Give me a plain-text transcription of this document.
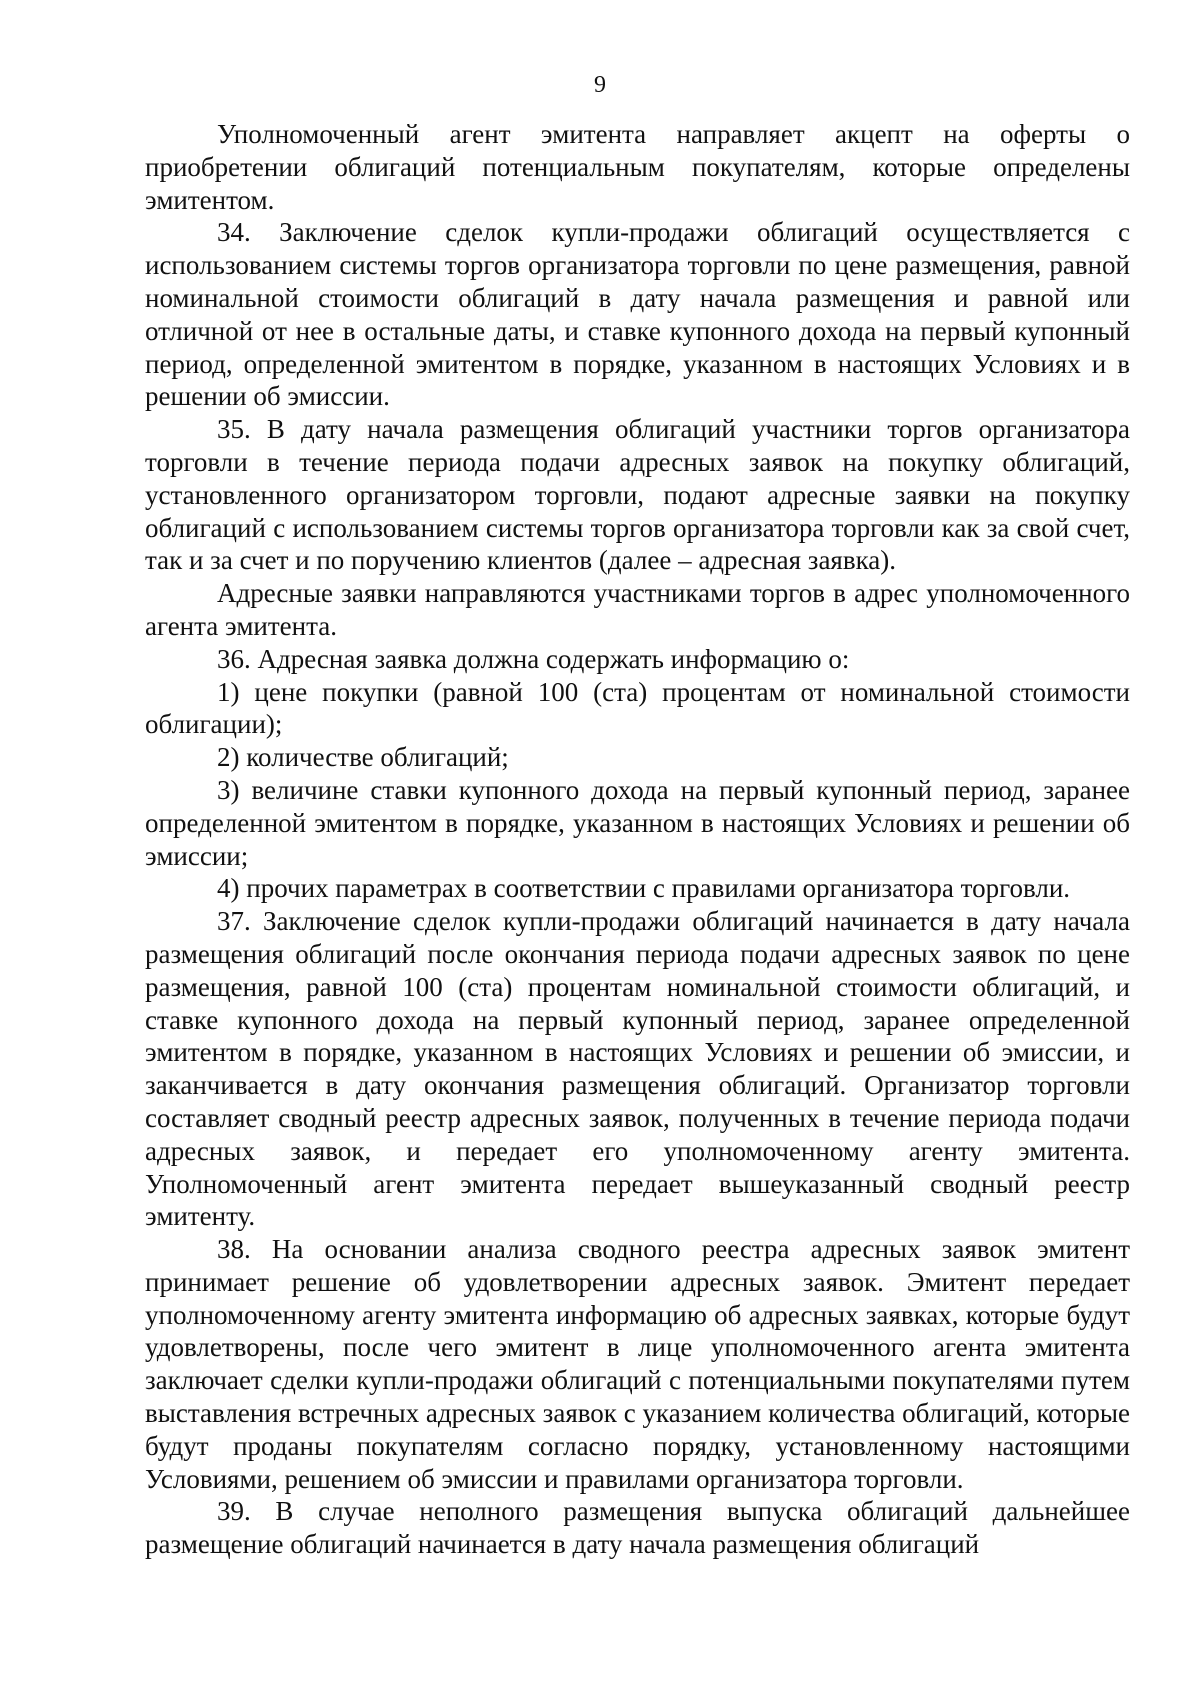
9

Уполномоченный агент эмитента направляет акцепт на оферты о приобретении облигаций потенциальным покупателям, которые определены эмитентом.

34. Заключение сделок купли-продажи облигаций осуществляется с использованием системы торгов организатора торговли по цене размещения, равной номинальной стоимости облигаций в дату начала размещения и равной или отличной от нее в остальные даты, и ставке купонного дохода на первый купонный период, определенной эмитентом в порядке, указанном в настоящих Условиях и в решении об эмиссии.

35. В дату начала размещения облигаций участники торгов организатора торговли в течение периода подачи адресных заявок на покупку облигаций, установленного организатором торговли, подают адресные заявки на покупку облигаций с использованием системы торгов организатора торговли как за свой счет, так и за счет и по поручению клиентов (далее – адресная заявка).

Адресные заявки направляются участниками торгов в адрес уполномоченного агента эмитента.

36. Адресная заявка должна содержать информацию о:

1) цене покупки (равной 100 (ста) процентам от номинальной стоимости облигации);

2) количестве облигаций;

3) величине ставки купонного дохода на первый купонный период, заранее определенной эмитентом в порядке, указанном в настоящих Условиях и решении об эмиссии;

4) прочих параметрах в соответствии с правилами организатора торговли.

37. Заключение сделок купли-продажи облигаций начинается в дату начала размещения облигаций после окончания периода подачи адресных заявок по цене размещения, равной 100 (ста) процентам номинальной стоимости облигаций, и ставке купонного дохода на первый купонный период, заранее определенной эмитентом в порядке, указанном в настоящих Условиях и решении об эмиссии, и заканчивается в дату окончания размещения облигаций. Организатор торговли составляет сводный реестр адресных заявок, полученных в течение периода подачи адресных заявок, и передает его уполномоченному агенту эмитента. Уполномоченный агент эмитента передает вышеуказанный сводный реестр эмитенту.

38. На основании анализа сводного реестра адресных заявок эмитент принимает решение об удовлетворении адресных заявок. Эмитент передает уполномоченному агенту эмитента информацию об адресных заявках, которые будут удовлетворены, после чего эмитент в лице уполномоченного агента эмитента заключает сделки купли-продажи облигаций с потенциальными покупателями путем выставления встречных адресных заявок с указанием количества облигаций, которые будут проданы покупателям согласно порядку, установленному настоящими Условиями, решением об эмиссии и правилами организатора торговли.

39. В случае неполного размещения выпуска облигаций дальнейшее размещение облигаций начинается в дату начала размещения облигаций
